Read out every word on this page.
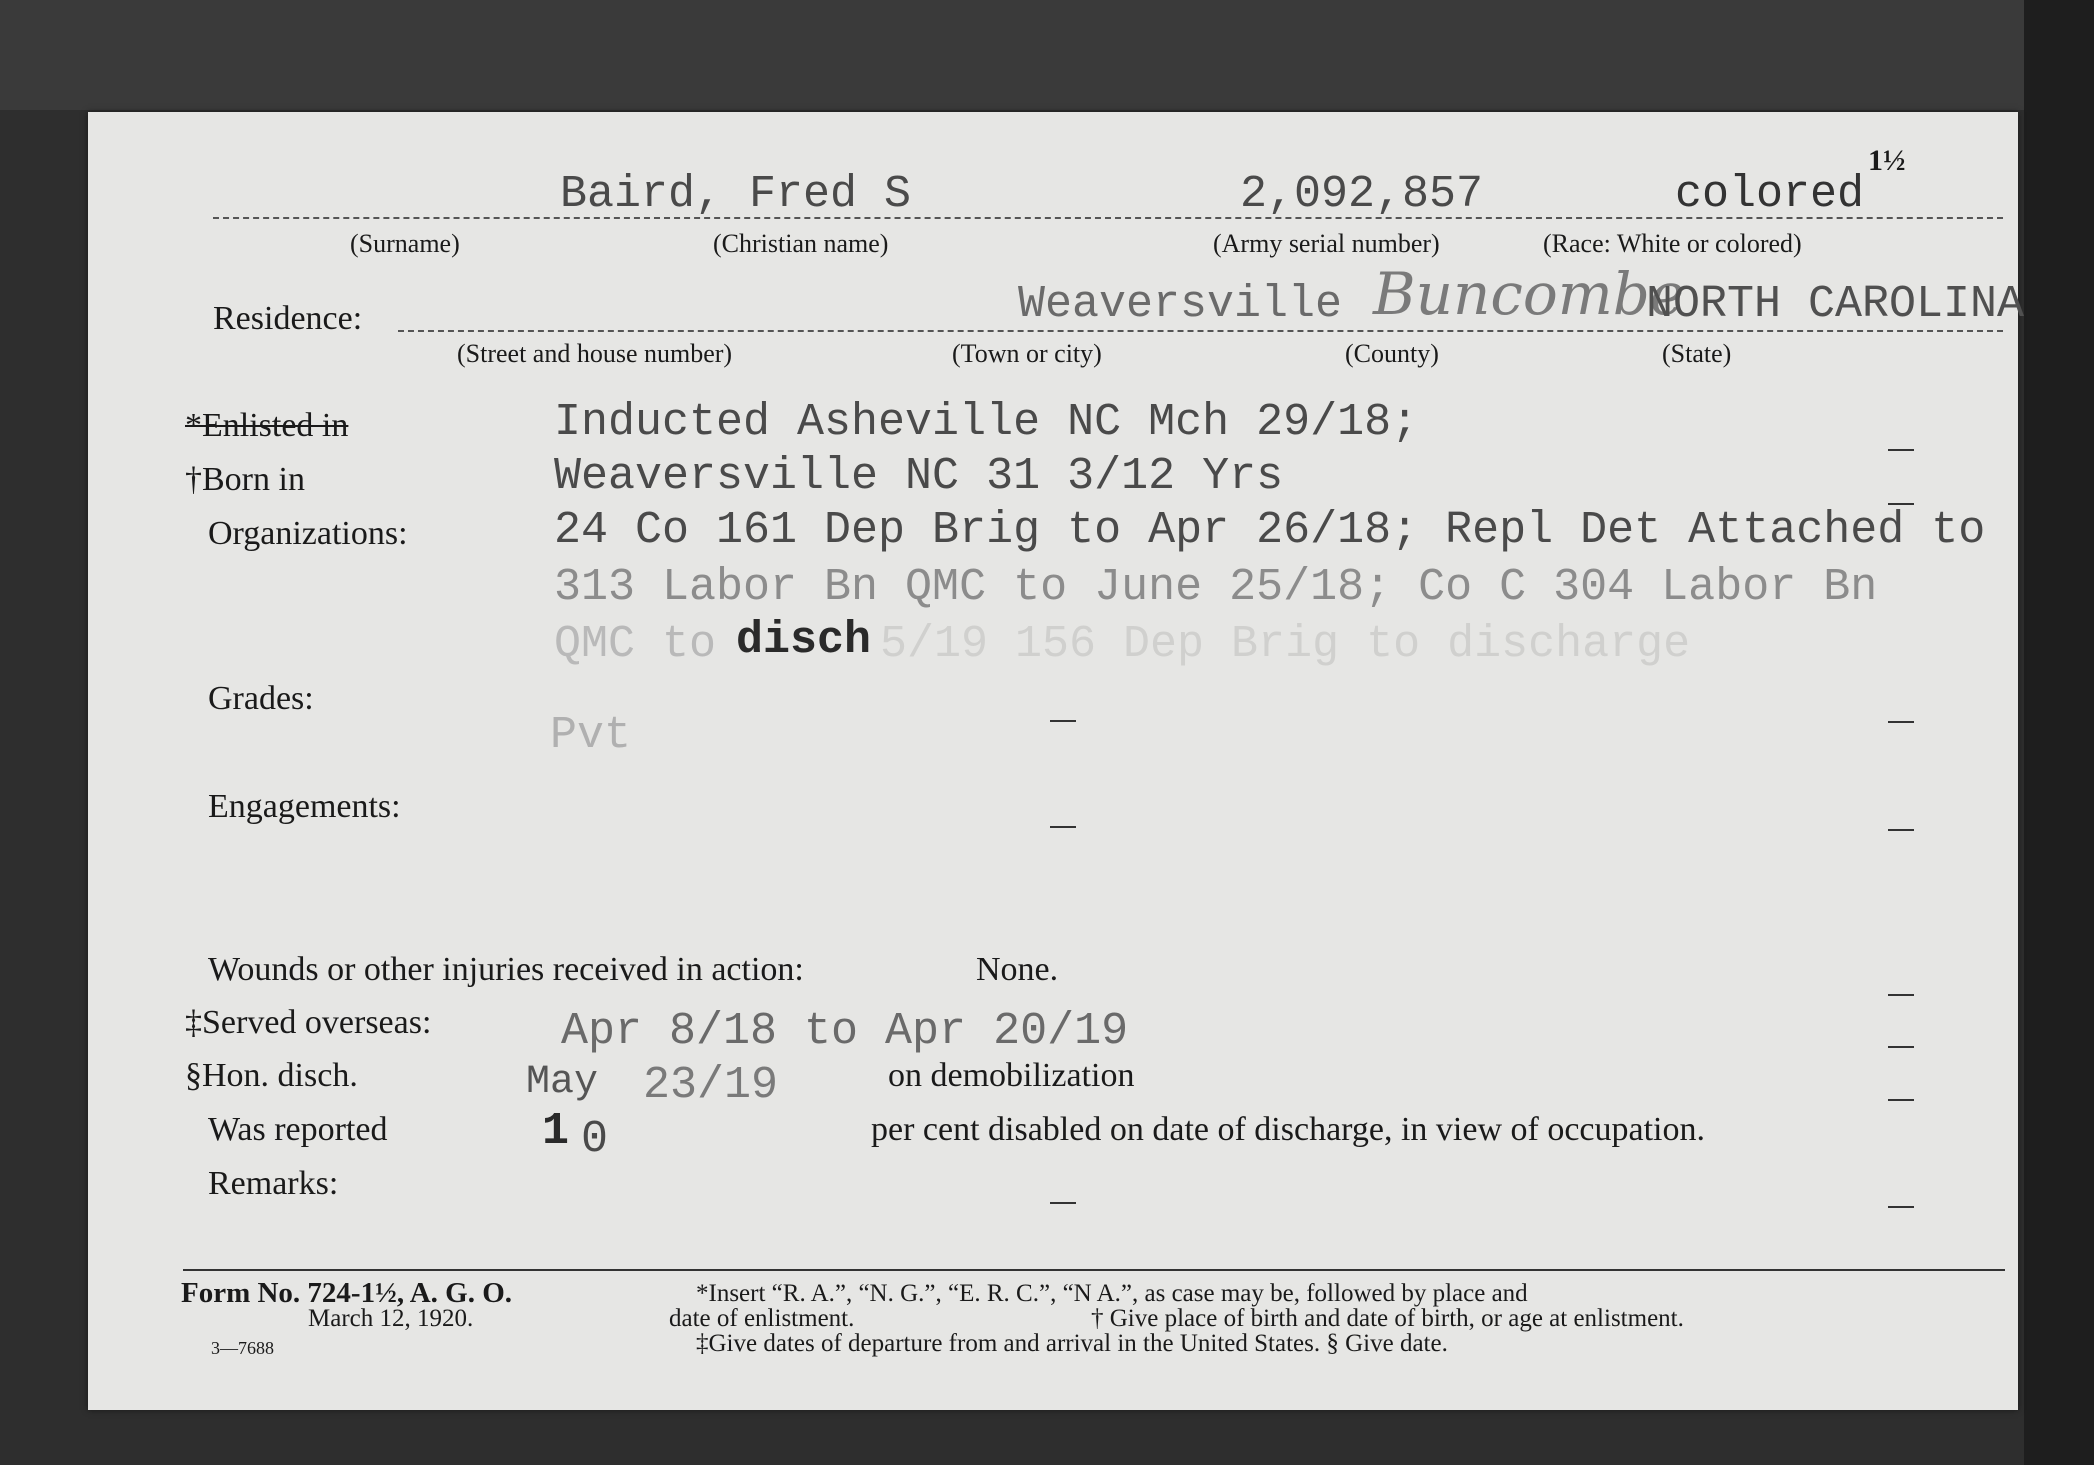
Baird, Fred S	2,092,857	colored
1½
(Surname)	(Christian name)	(Army serial number)	(Race: White or colored)
Residence:	Weaversville Buncombe
NORTH CAROLINA
(Street and house number)	(Town or city)	(County)	(State)
*Enlisted in	Inducted Asheville NC Mch 29/18;
†Born in	Weaversville NC 31 3/12 Yrs
Organizations:	24 Co 161 Dep Brig to Apr 26/18; Repl Det Attached to
313 Labor Bn QMC to June 25/18; Co C 304 Labor Bn
QMC to disch 5/19 156 Dep Brig to discharge
Grades:
Pvt
Engagements:
Wounds or other injuries received in action:	None.
‡Served overseas:	Apr 8/18 to Apr 20/19
§Hon. disch.	May 23/19	on demobilization
Was reported	1 0	per cent disabled on date of discharge, in view of occupation.
Remarks:
Form No. 724-1½, A. G. O.
March 12, 1920.
3—7688
*Insert “R. A.”, “N. G.”, “E. R. C.”, “N A.”, as case may be, followed by place and
date of enlistment.	† Give place of birth and date of birth, or age at enlistment.
‡Give dates of departure from and arrival in the United States. § Give date.
